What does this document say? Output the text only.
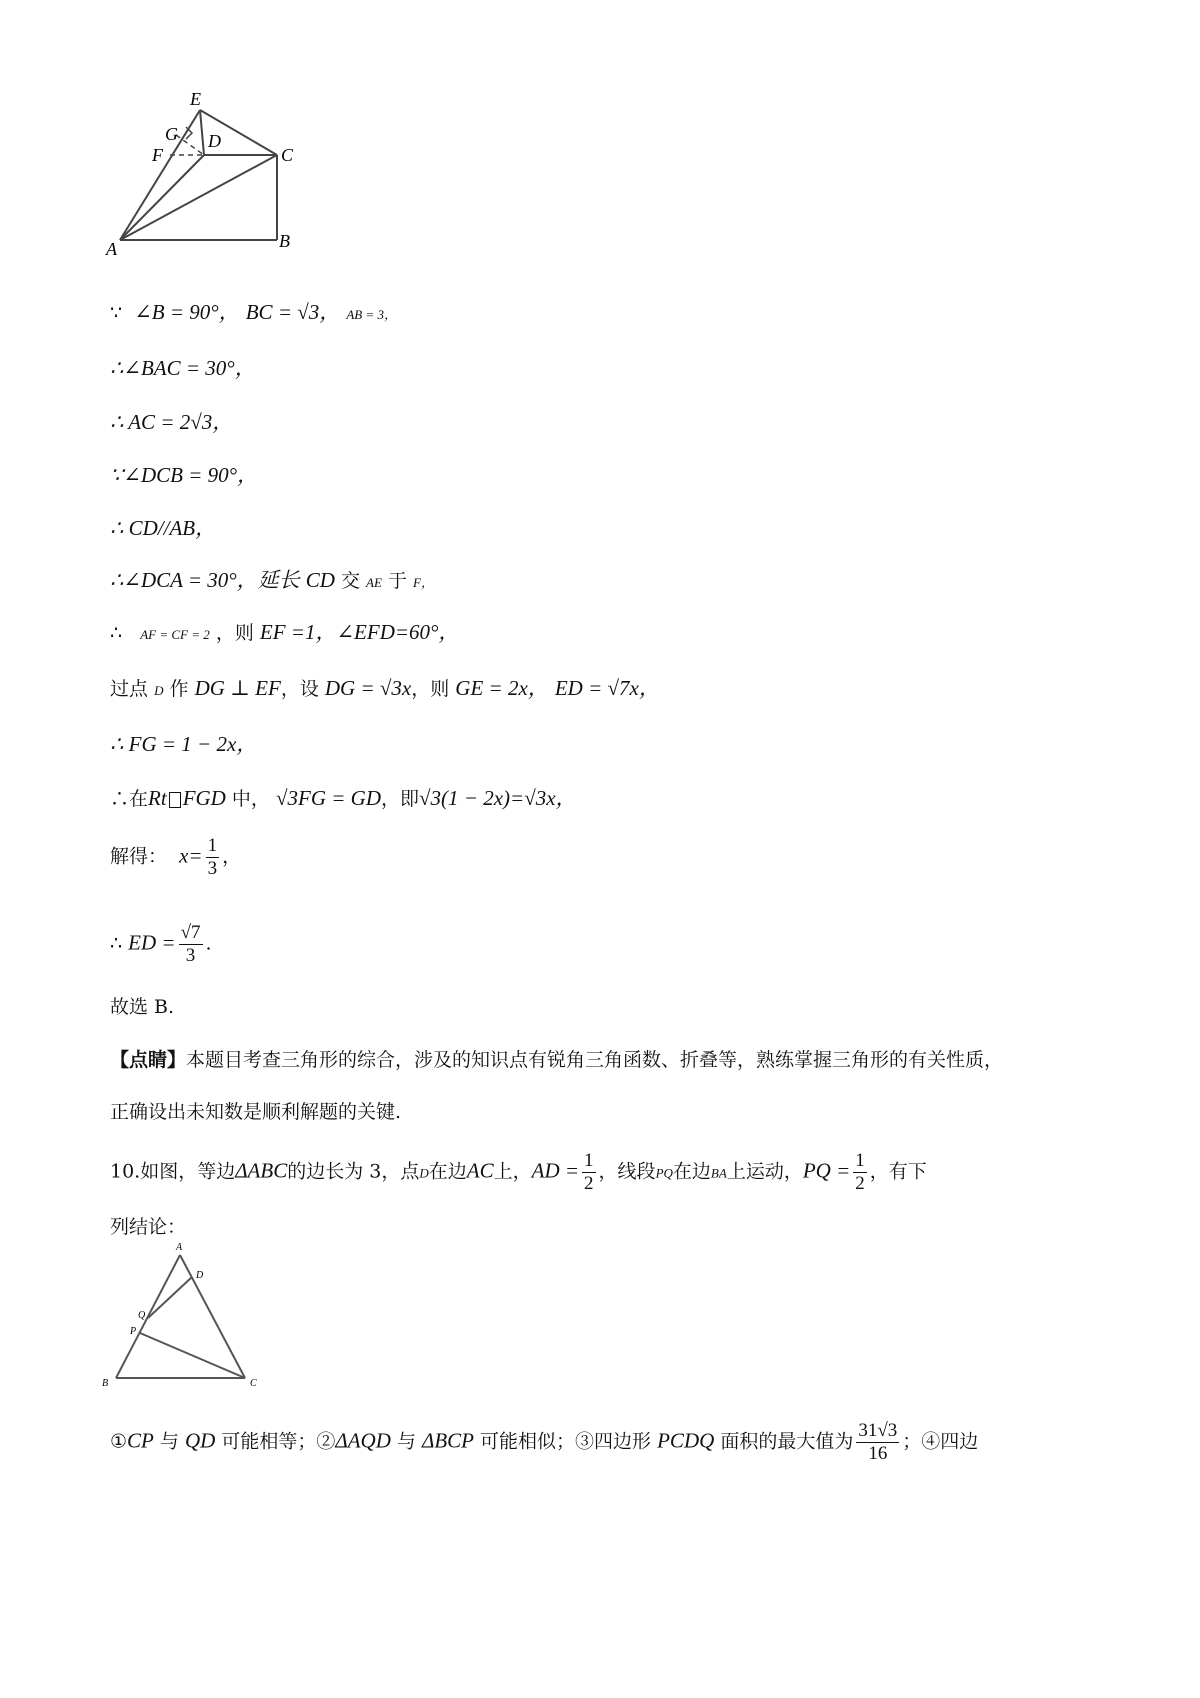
E
G D
F	C
A	B
∵ ∠B = 90°， BC = √3， AB = 3，
∴∠BAC = 30°，
∴ AC = 2√3，
∵∠DCB = 90°，
∴ CD//AB，
∴∠DCA = 30°，延长 CD 交 AE 于 F，
∴ AF = CF = 2 ，则 EF =1，∠EFD=60°，
过点 D 作 DG ⊥ EF，设 DG = √3x，则 GE = 2x， ED = √7x，
∴ FG = 1 − 2x，
∴在Rt FGD 中， √3FG = GD，即√3(1 − 2x)=√3x，
解得： $x= \frac{1}{3}$ ，
∴ ED = $\frac{√7}{3}$ .
故选 B.
【点睛】本题目考查三角形的综合，涉及的知识点有锐角三角函数、折叠等，熟练掌握三角形的有关性质，
正确设出未知数是顺利解题的关键.
10.如图，等边ΔABC的边长为 3，点D在边AC上，AD = $\frac{1}{2}$ ，线段PQ在边BA上运动，PQ = $\frac{1}{2}$ ，有下
列结论：
A
D
Q
P
B	C
①CP 与 QD 可能相等；②ΔAQD 与 ΔBCP 可能相似；③四边形 PCDQ 面积的最大值为 $\frac{31√3}{16}$ ；④四边
